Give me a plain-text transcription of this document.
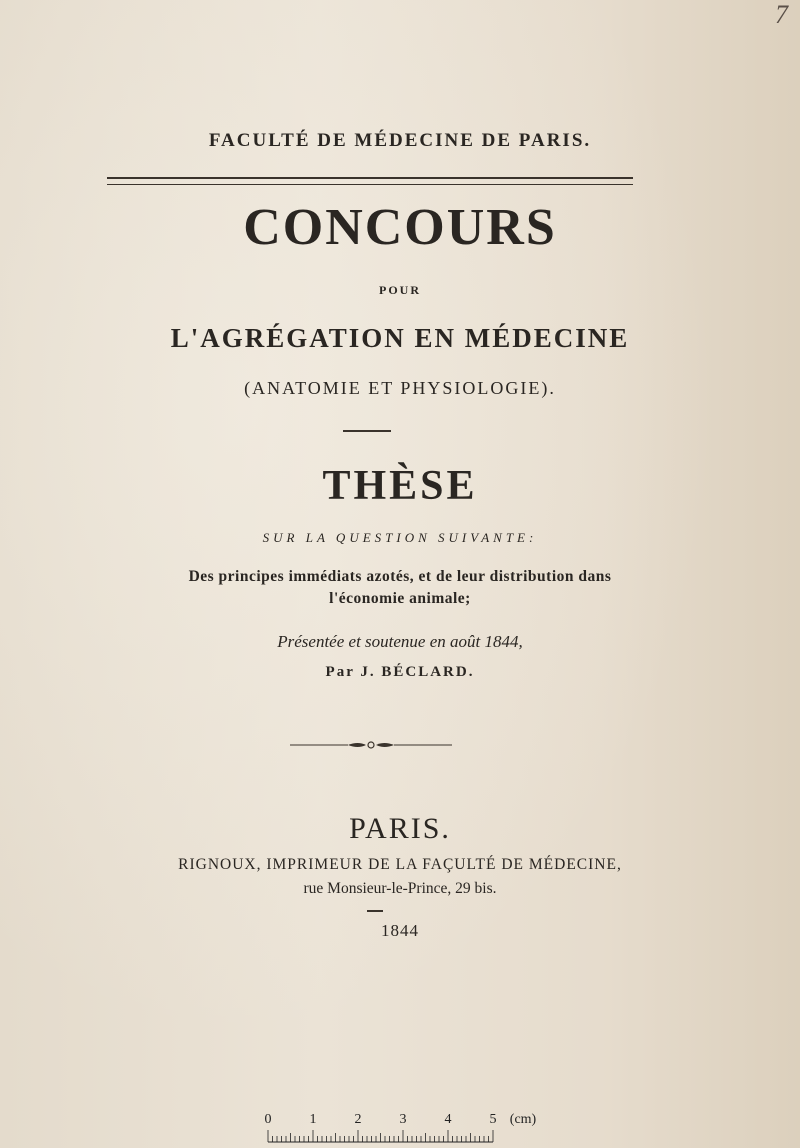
7
FACULTÉ DE MÉDECINE DE PARIS.
CONCOURS
POUR
L'AGRÉGATION EN MÉDECINE
(ANATOMIE ET PHYSIOLOGIE).
THÈSE
SUR LA QUESTION SUIVANTE:
Des principes immédiats azotés, et de leur distribution dans
l'économie animale;
Présentée et soutenue en août 1844,
Par J. BÉCLARD.
PARIS.
RIGNOUX, IMPRIMEUR DE LA FAÇULTÉ DE MÉDECINE,
rue Monsieur-le-Prince, 29 bis.
1844
0	1	2	3	4	5 (cm)
